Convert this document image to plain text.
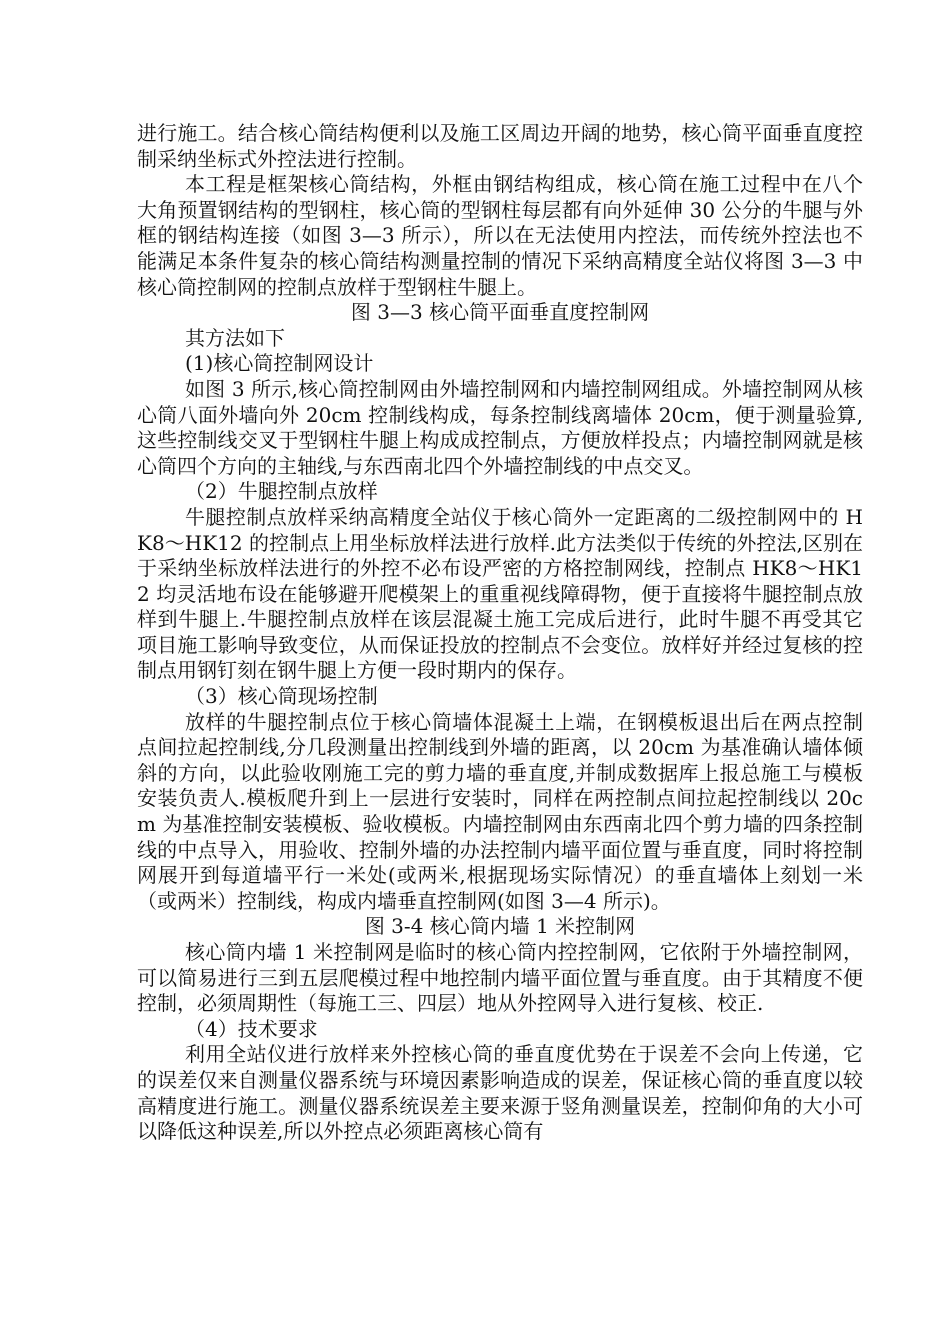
进行施工。结合核心筒结构便利以及施工区周边开阔的地势，核心筒平面垂直度控制采纳坐标式外控法进行控制。

本工程是框架核心筒结构，外框由钢结构组成，核心筒在施工过程中在八个大角预置钢结构的型钢柱，核心筒的型钢柱每层都有向外延伸 30 公分的牛腿与外框的钢结构连接（如图 3—3 所示），所以在无法使用内控法，而传统外控法也不能满足本条件复杂的核心筒结构测量控制的情况下采纳高精度全站仪将图 3—3 中核心筒控制网的控制点放样于型钢柱牛腿上。

图 3—3 核心筒平面垂直度控制网

其方法如下

(1)核心筒控制网设计

如图 3 所示,核心筒控制网由外墙控制网和内墙控制网组成。外墙控制网从核心筒八面外墙向外 20cm 控制线构成，每条控制线离墙体 20cm，便于测量验算,这些控制线交叉于型钢柱牛腿上构成成控制点，方便放样投点；内墙控制网就是核心筒四个方向的主轴线,与东西南北四个外墙控制线的中点交叉。

（2）牛腿控制点放样

牛腿控制点放样采纳高精度全站仪于核心筒外一定距离的二级控制网中的 HK8～HK12 的控制点上用坐标放样法进行放样.此方法类似于传统的外控法,区别在于采纳坐标放样法进行的外控不必布设严密的方格控制网线，控制点 HK8～HK12 均灵活地布设在能够避开爬模架上的重重视线障碍物，便于直接将牛腿控制点放样到牛腿上.牛腿控制点放样在该层混凝土施工完成后进行，此时牛腿不再受其它项目施工影响导致变位，从而保证投放的控制点不会变位。放样好并经过复核的控制点用钢钉刻在钢牛腿上方便一段时期内的保存。

（3）核心筒现场控制

放样的牛腿控制点位于核心筒墙体混凝土上端，在钢模板退出后在两点控制点间拉起控制线,分几段测量出控制线到外墙的距离，以 20cm 为基准确认墙体倾斜的方向，以此验收刚施工完的剪力墙的垂直度,并制成数据库上报总施工与模板安装负责人.模板爬升到上一层进行安装时，同样在两控制点间拉起控制线以 20cm 为基准控制安装模板、验收模板。内墙控制网由东西南北四个剪力墙的四条控制线的中点导入，用验收、控制外墙的办法控制内墙平面位置与垂直度，同时将控制网展开到每道墙平行一米处(或两米,根据现场实际情况）的垂直墙体上刻划一米（或两米）控制线，构成内墙垂直控制网(如图 3—4 所示)。

图 3-4 核心筒内墙 1 米控制网

核心筒内墙 1 米控制网是临时的核心筒内控控制网，它依附于外墙控制网，可以简易进行三到五层爬模过程中地控制内墙平面位置与垂直度。由于其精度不便控制，必须周期性（每施工三、四层）地从外控网导入进行复核、校正.

（4）技术要求

利用全站仪进行放样来外控核心筒的垂直度优势在于误差不会向上传递，它的误差仅来自测量仪器系统与环境因素影响造成的误差，保证核心筒的垂直度以较高精度进行施工。测量仪器系统误差主要来源于竖角测量误差，控制仰角的大小可以降低这种误差,所以外控点必须距离核心筒有
